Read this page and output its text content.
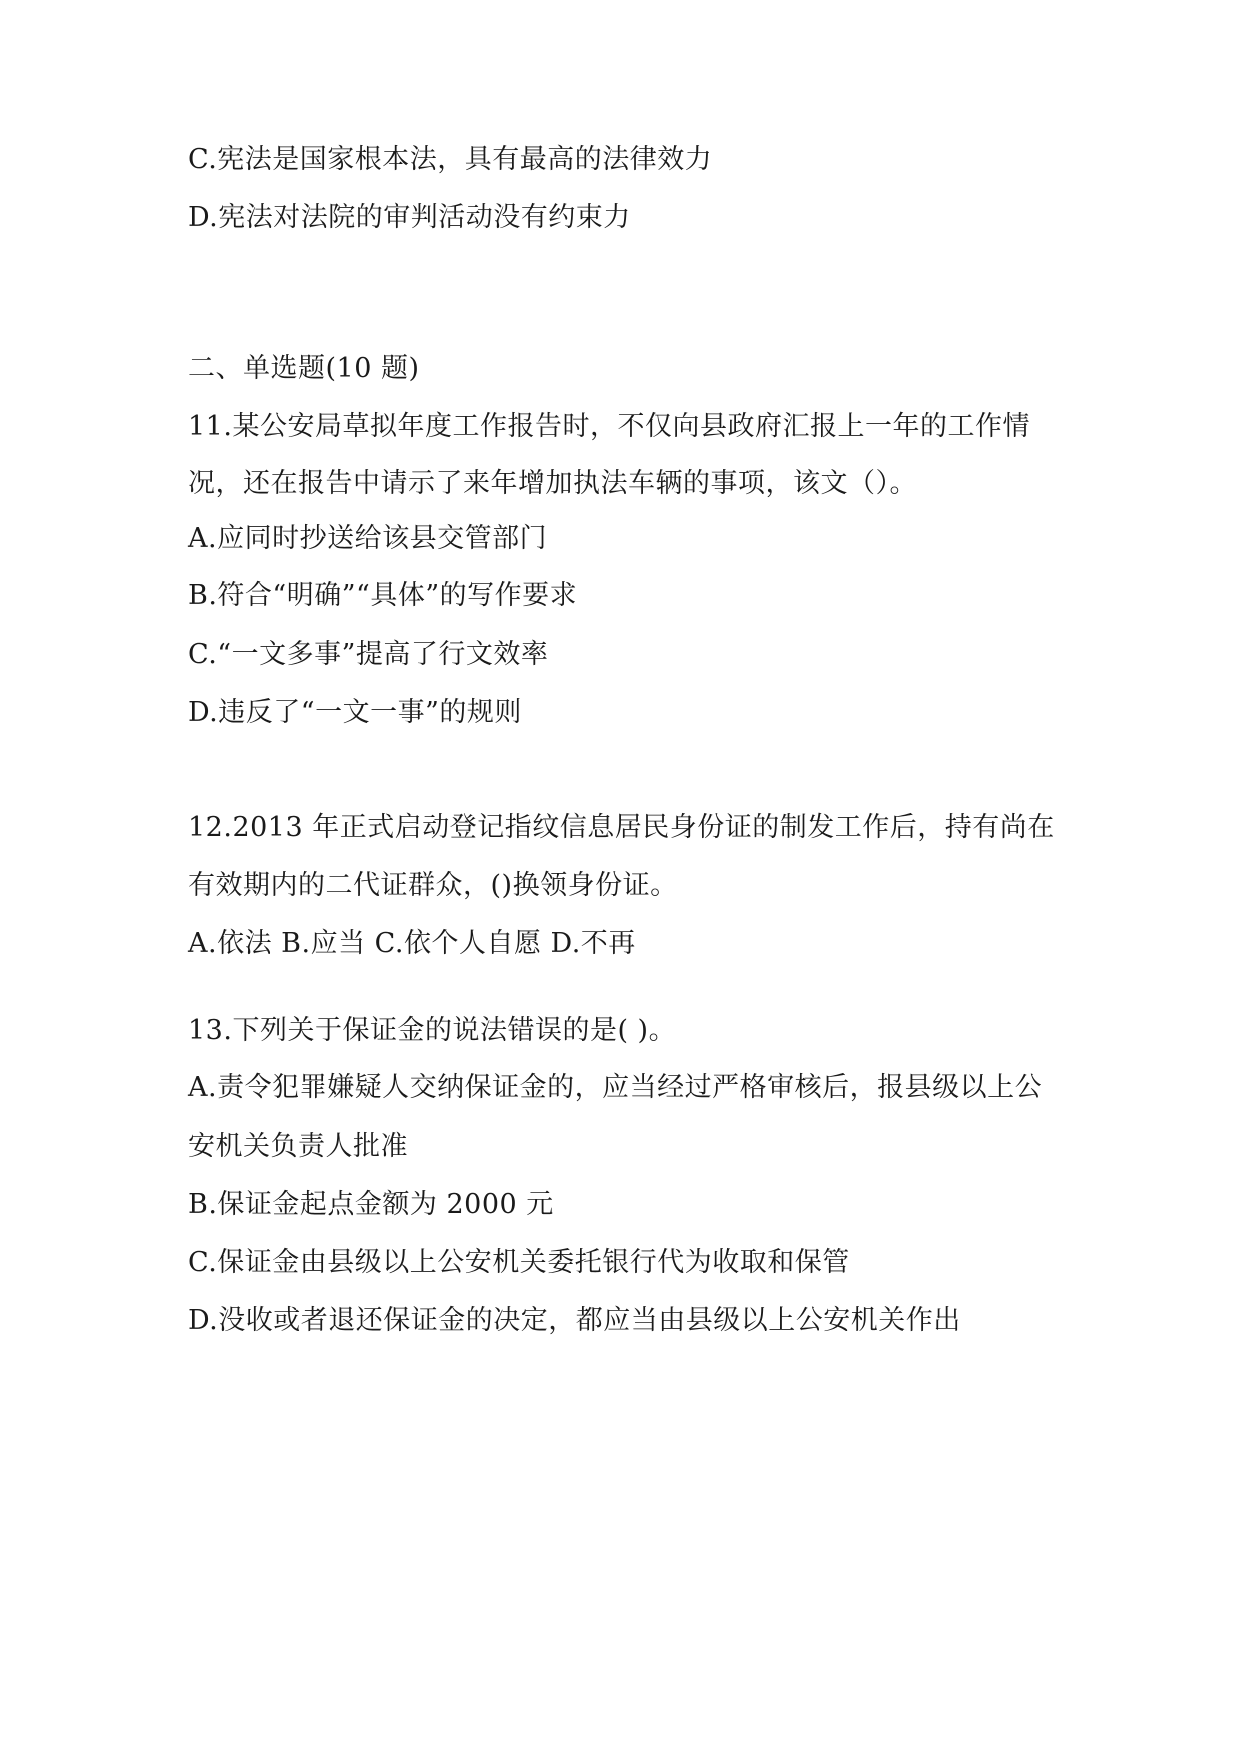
C.宪法是国家根本法，具有最高的法律效力
D.宪法对法院的审判活动没有约束力
二、单选题(10 题)
11.某公安局草拟年度工作报告时，不仅向县政府汇报上一年的工作情
况，还在报告中请示了来年增加执法车辆的事项，该文（）。
A.应同时抄送给该县交管部门
B.符合“明确”“具体”的写作要求
C.“一文多事”提高了行文效率
D.违反了“一文一事”的规则
12.2013 年正式启动登记指纹信息居民身份证的制发工作后，持有尚在
有效期内的二代证群众，()换领身份证。
A.依法 B.应当 C.依个人自愿 D.不再
13.下列关于保证金的说法错误的是( )。
A.责令犯罪嫌疑人交纳保证金的，应当经过严格审核后，报县级以上公
安机关负责人批准
B.保证金起点金额为 2000 元
C.保证金由县级以上公安机关委托银行代为收取和保管
D.没收或者退还保证金的决定，都应当由县级以上公安机关作出
